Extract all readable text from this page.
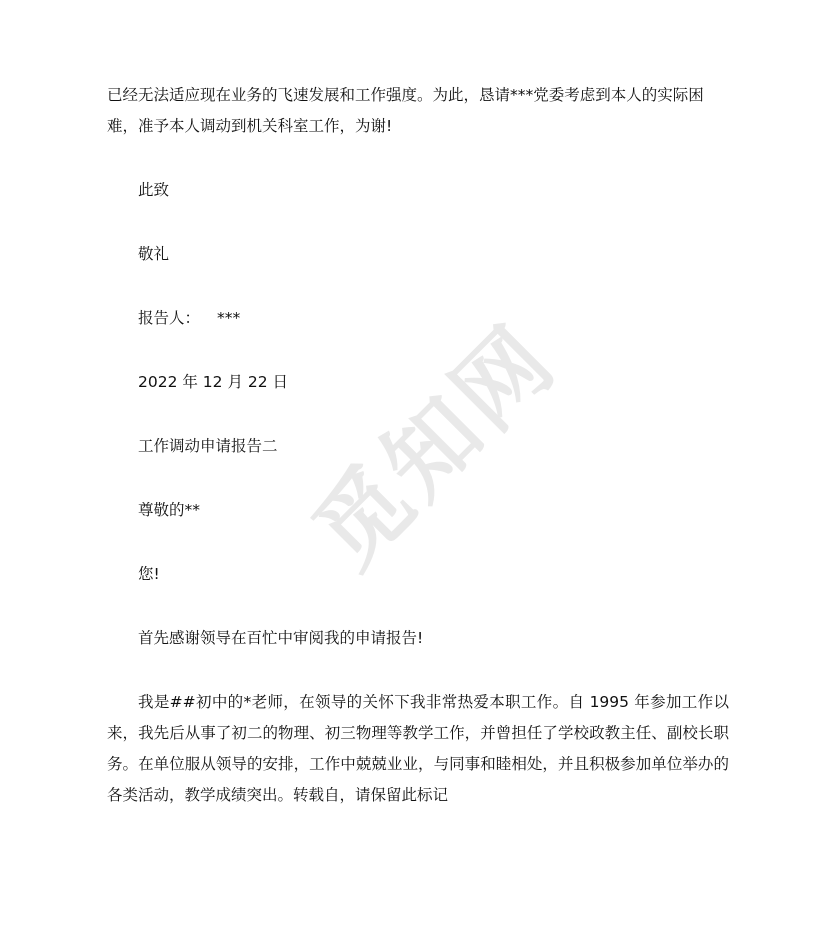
觅知网

已经无法适应现在业务的飞速发展和工作强度。为此，恳请***党委考虑到本人的实际困难，准予本人调动到机关科室工作，为谢!

此致

敬礼

报告人： ***

2022 年 12 月 22 日

工作调动申请报告二

尊敬的**

您!

首先感谢领导在百忙中审阅我的申请报告!

我是##初中的*老师，在领导的关怀下我非常热爱本职工作。自 1995 年参加工作以来，我先后从事了初二的物理、初三物理等教学工作，并曾担任了学校政教主任、副校长职务。在单位服从领导的安排，工作中兢兢业业，与同事和睦相处，并且积极参加单位举办的各类活动，教学成绩突出。转载自，请保留此标记
